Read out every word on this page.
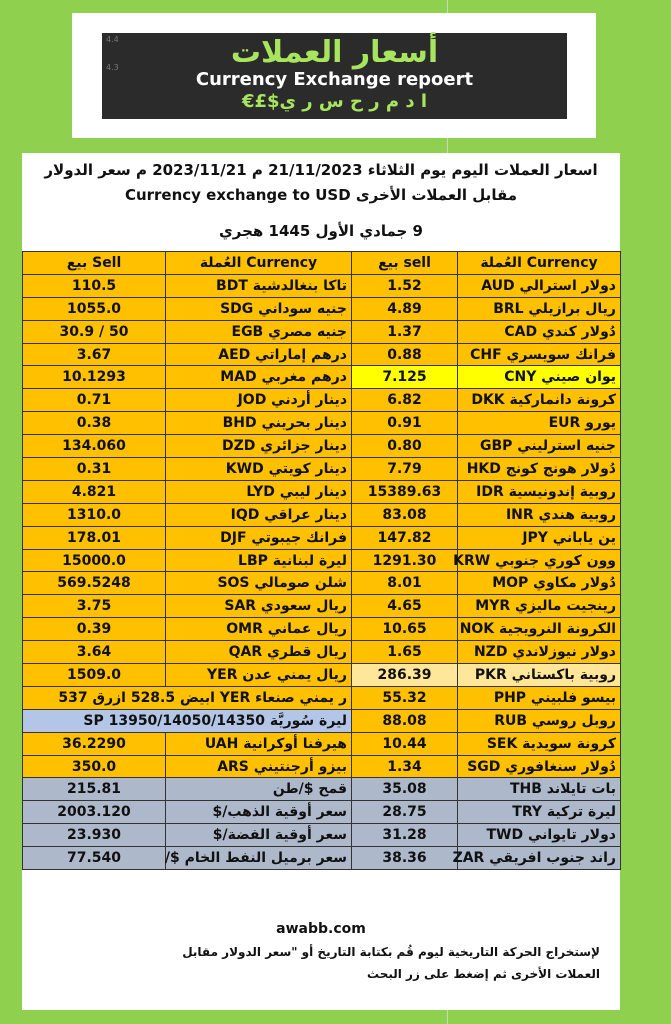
4.4
4.3	أسعار العملات
Currency Exchange repoert
€£$ا د م ر ح س ر ي
اسعار العملات اليوم يوم الثلاثاء 21/11/2023 م 2023/11/21 م سعر الدولار
مقابل العملات الأخرى Currency exchange to USD
9 جمادي الأول 1445 هجري
بيع Sell	العُملة Currency	بيع sell	العُملة Currency
110.5	تاكا بنغالدشية BDT	1.52	دولار استرالي AUD
1055.0	جنيه سوداني SDG	4.89	ريال برازيلي BRL
30.9 / 50	جنيه مصري EGB	1.37	دُولار كندي CAD
3.67	درهم إماراتي AED	0.88	فرانك سويسري CHF
10.1293	درهم مغربي MAD	7.125	يوان صيني CNY
0.71	دينار أردني JOD	6.82	كرونة دانماركية DKK
0.38	دينار بحريني BHD	0.91	يورو EUR
134.060	دينار جزائري DZD	0.80	جنيه استرليني GBP
0.31	دينار كويتي KWD	7.79	دُولار هونج كونج HKD
4.821	دينار ليبي LYD	15389.63	روبية إندونيسية IDR
1310.0	دينار عراقي IQD	83.08	روبية هندي INR
178.01	فرانك جيبوتي DJF	147.82	ين ياباني JPY
15000.0	ليرة لبنانية LBP	1291.30	وون كوري جنوبي KRW
569.5248	شلن صومالي SOS	8.01	دُولار مكاوي MOP
3.75	ريال سعودي SAR	4.65	رينجيت ماليزي MYR
0.39	ريال عماني OMR	10.65	الكرونة النرويجية NOK
3.64	ريال قطري QAR	1.65	دولار نيوزلاندي NZD
1509.0	ريال يمني عدن YER	286.39	روبية باكستاني PKR
ر يمني صنعاء YER ابيض 528.5 ازرق 537		55.32	بيسو فلبيني PHP
ليرة سُوريَّة 13950/14050/14350 SP		88.08	روبل روسي RUB
36.2290	هيرفنا أوكرانية UAH	10.44	كرونة سويدية SEK
350.0	بيزو أرجنتيني ARS	1.34	دُولار سنغافوري SGD
215.81	قمح $/طن	35.08	بات تايلاند THB
2003.120	سعر أوقية الذهب/$	28.75	ليرة تركية TRY
23.930	سعر أوقية الفضة/$	31.28	دولار تايواني TWD
77.540	سعر برميل النفط الخام $/	38.36	راند جنوب افريقي ZAR
awabb.com
لإستخراج الحركة التاريخية ليوم قُم بكتابة التاريخ أو "سعر الدولار مقابل
العملات الأخرى ثم إضغط على زر البحث
